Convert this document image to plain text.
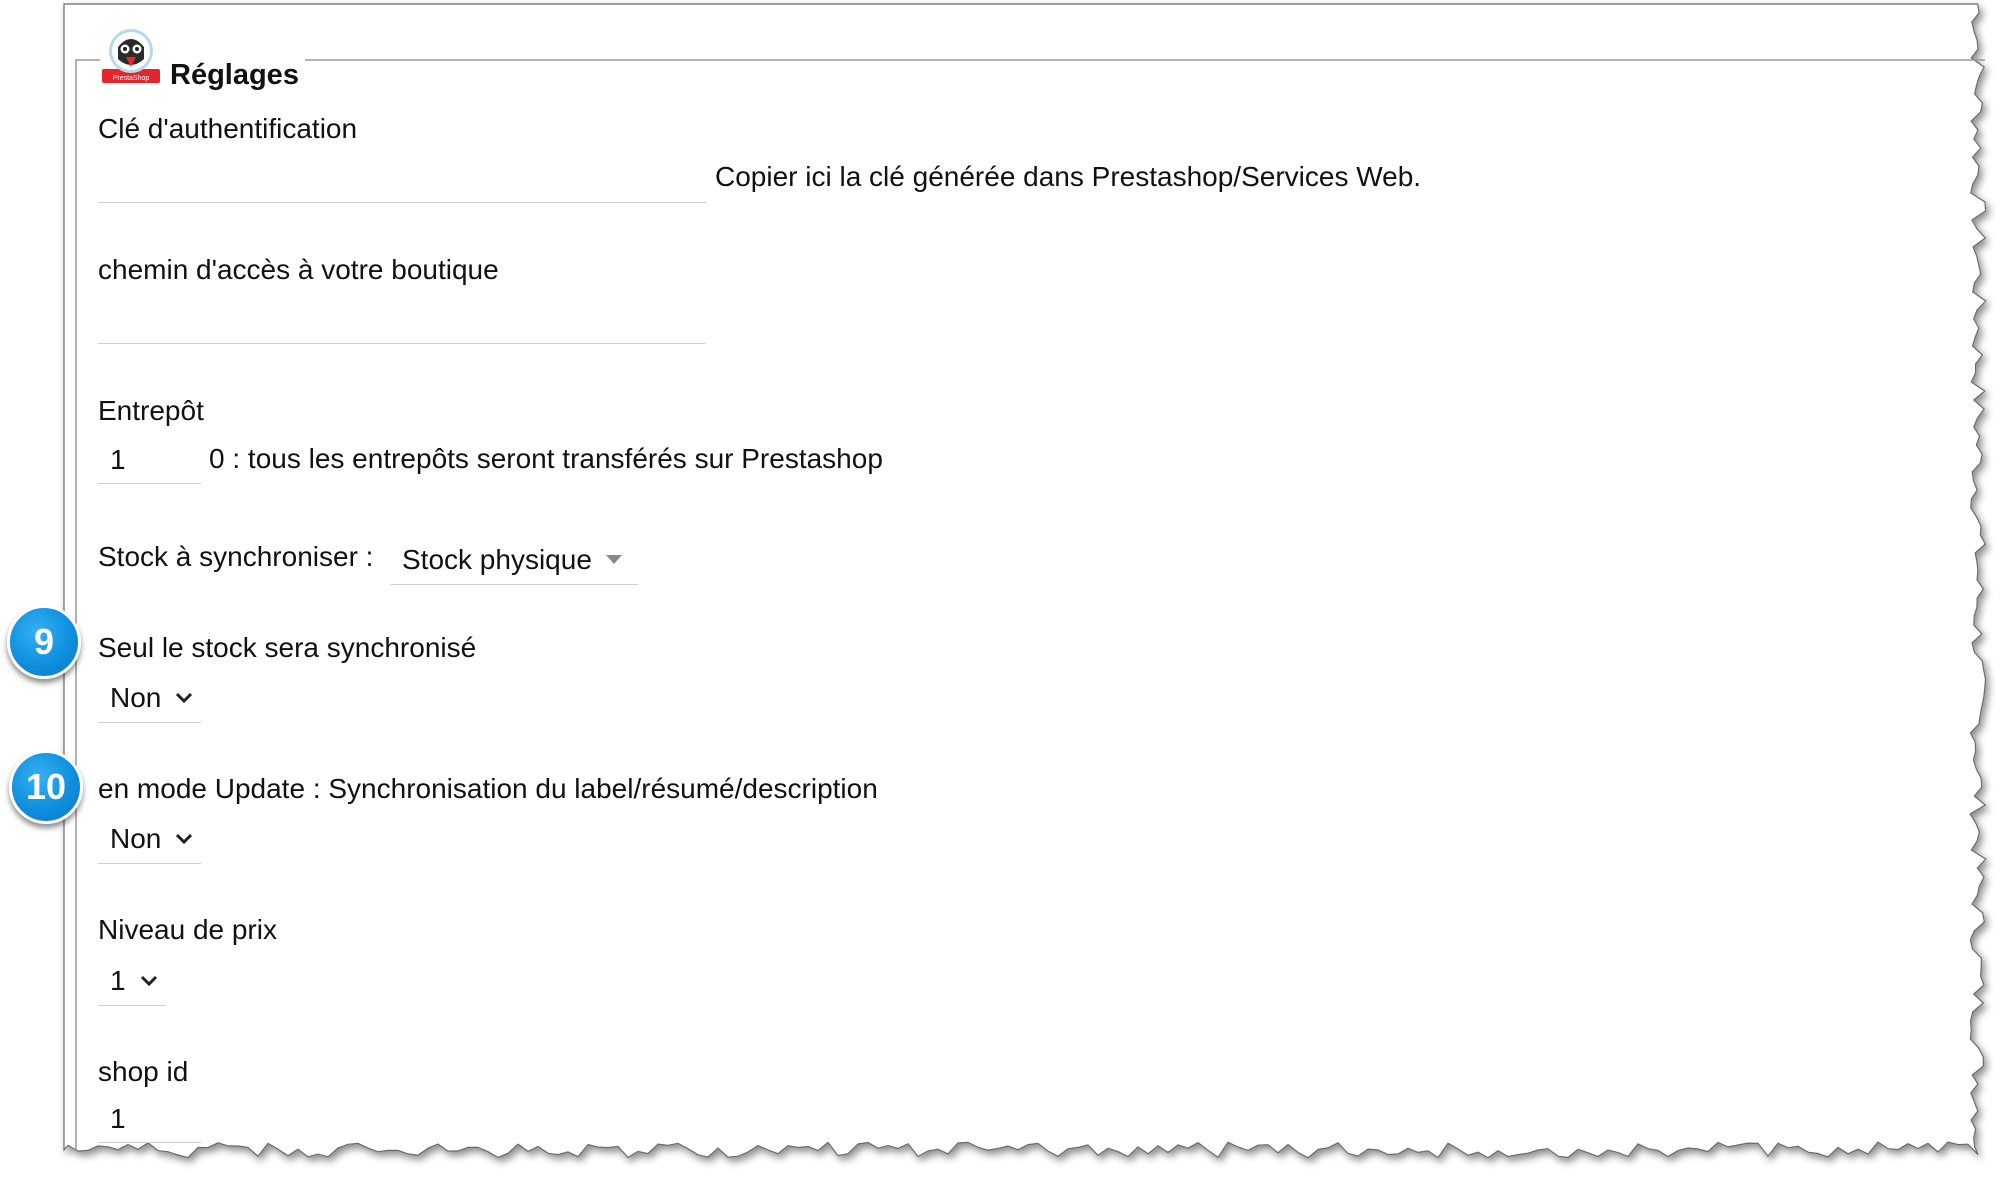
PrestaShop Réglages
Clé d'authentification
Copier ici la clé générée dans Prestashop/Services Web.
chemin d'accès à votre boutique
Entrepôt
1
0 : tous les entrepôts seront transférés sur Prestashop
Stock à synchroniser :	Stock physique
9	Seul le stock sera synchronisé
Non
10	en mode Update : Synchronisation du label/résumé/description
Non
Niveau de prix
1
shop id
1
